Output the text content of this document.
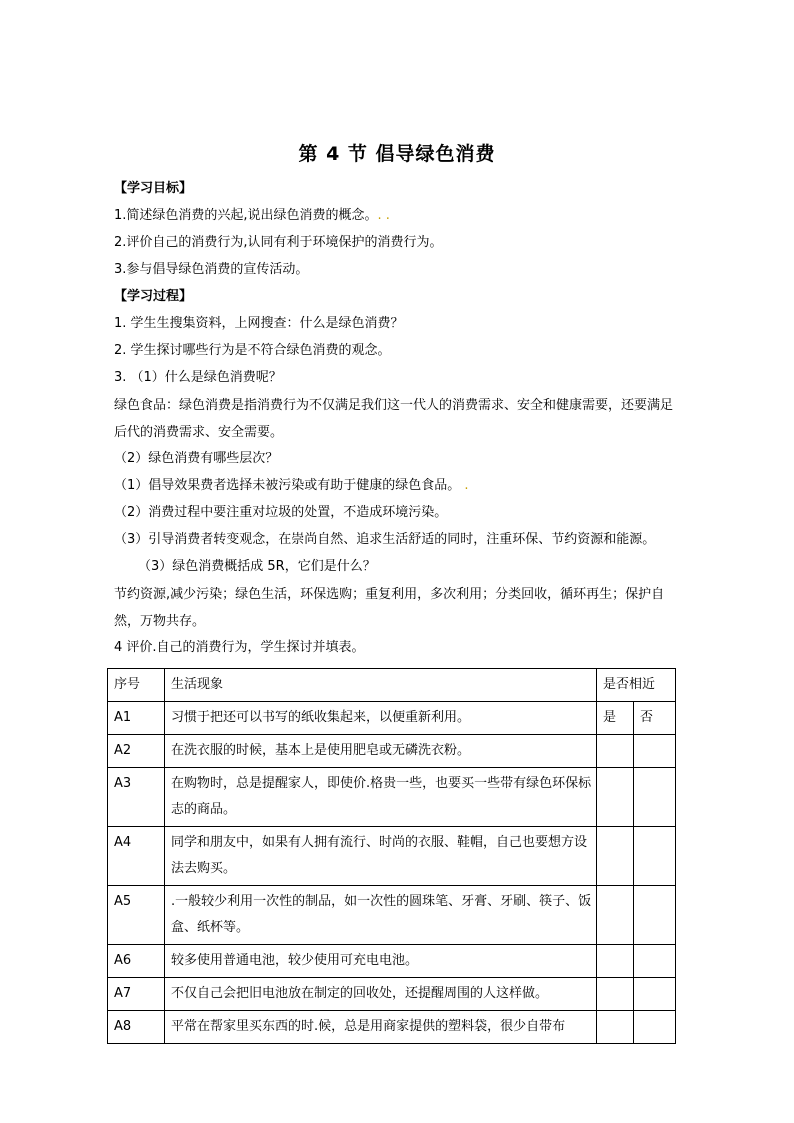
第 4 节 倡导绿色消费
【学习目标】
1.简述绿色消费的兴起,说出绿色消费的概念。. .
2.评价自己的消费行为,认同有利于环境保护的消费行为。
3.参与倡导绿色消费的宣传活动。
【学习过程】
1. 学生生搜集资料，上网搜查：什么是绿色消费？
2. 学生探讨哪些行为是不符合绿色消费的观念。
3. （1）什么是绿色消费呢？
绿色食品：绿色消费是指消费行为不仅满足我们这一代人的消费需求、安全和健康需要，还要满足后代的消费需求、安全需要。
（2）绿色消费有哪些层次？
（1）倡导效果费者选择未被污染或有助于健康的绿色食品。 .
（2）消费过程中要注重对垃圾的处置，不造成环境污染。
（3）引导消费者转变观念，在崇尚自然、追求生活舒适的同时，注重环保、节约资源和能源。
（3）绿色消费概括成 5R，它们是什么？
节约资源,减少污染；绿色生活，环保选购；重复利用，多次利用；分类回收，循环再生；保护自然，万物共存。
4 评价.自己的消费行为，学生探讨并填表。
序号	生活现象	是否相近	
A1	习惯于把还可以书写的纸收集起来，以便重新利用。	是	否
A2	在洗衣服的时候，基本上是使用肥皂或无磷洗衣粉。		
A3	在购物时，总是提醒家人，即使价.格贵一些，也要买一些带有绿色环保标志的商品。		
A4	同学和朋友中，如果有人拥有流行、时尚的衣服、鞋帽，自己也要想方设法去购买。		
A5	.一般较少利用一次性的制品，如一次性的圆珠笔、牙膏、牙刷、筷子、饭盒、纸杯等。		
A6	较多使用普通电池，较少使用可充电电池。		
A7	不仅自己会把旧电池放在制定的回收处，还提醒周围的人这样做。		
A8	平常在帮家里买东西的时.候，总是用商家提供的塑料袋，很少自带布		
